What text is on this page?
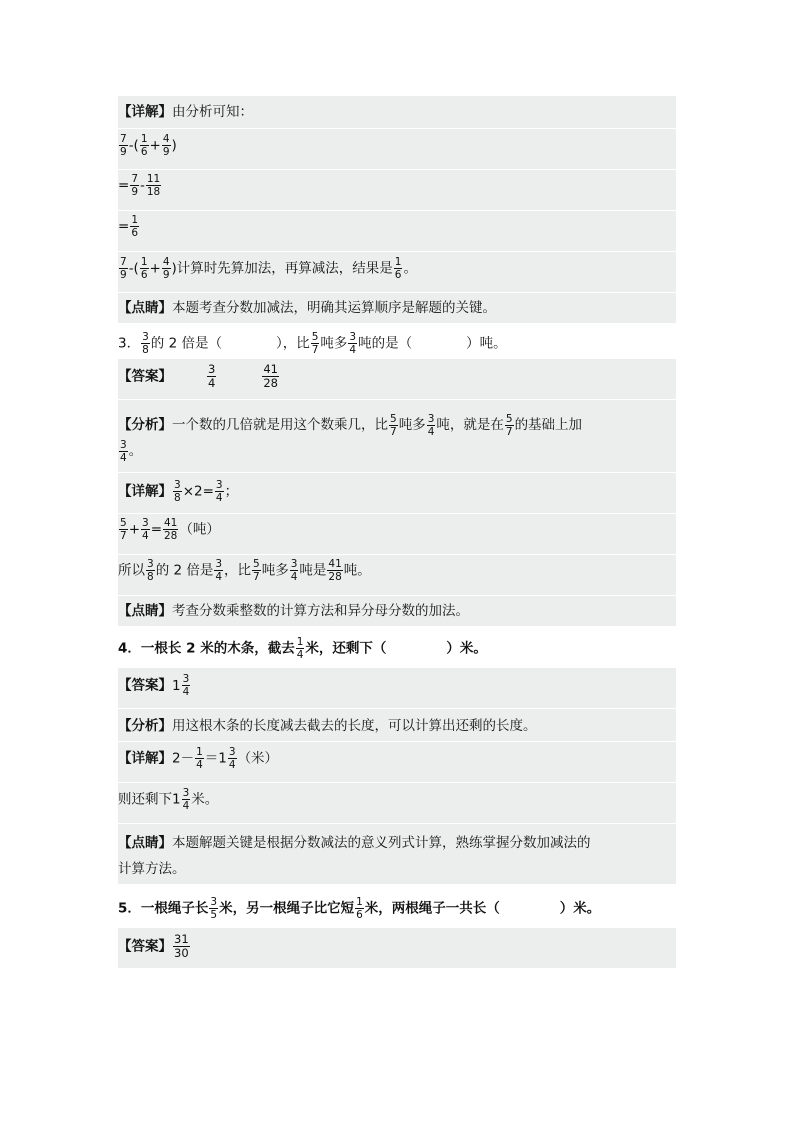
【详解】由分析可知：
$\frac{7}{9}$ -( $\frac{1}{6} + \frac{4}{9}$ )
= $\frac{7}{9} - \frac{11}{18}$
= $\frac{1}{6}$
$\frac{7}{9}$ -( $\frac{1}{6} + \frac{4}{9}$ )计算时先算加法，再算减法，结果是 $\frac{1}{6}$ 。
【点睛】本题考查分数加减法，明确其运算顺序是解题的关键。
3． $\frac{3}{8}$ 的 2 倍是（	），比 $\frac{5}{7}$ 吨多 $\frac{3}{4}$ 吨的是（	）吨。
【答案】	$\frac{3}{4}$	$\frac{41}{28}$
【分析】一个数的几倍就是用这个数乘几，比 $\frac{5}{7}$ 吨多 $\frac{3}{4}$ 吨，就是在 $\frac{5}{7}$ 的基础上加

$\frac{3}{4}$ 。
【详解】 $\frac{3}{8} \times 2= \frac{3}{4}$ ；
$\frac{5}{7} + \frac{3}{4} = \frac{41}{28}$ （吨）
所以 $\frac{3}{8}$ 的 2 倍是 $\frac{3}{4}$ ，比 $\frac{5}{7}$ 吨多 $\frac{3}{4}$ 吨是 $\frac{41}{28}$ 吨。
【点睛】考查分数乘整数的计算方法和异分母分数的加法。
4．一根长 2 米的木条，截去 $\frac{1}{4}$ 米，还剩下（	）米。
【答案】 $1 \frac{3}{4}$
【分析】用这根木条的长度减去截去的长度，可以计算出还剩的长度。
【详解】$2- \frac{1}{4} =1 \frac{3}{4}$ （米）
则还剩下$1 \frac{3}{4}$ 米。
【点睛】本题解题关键是根据分数减法的意义列式计算，熟练掌握分数加减法的
计算方法。
5．一根绳子长 $\frac{3}{5}$ 米，另一根绳子比它短 $\frac{1}{6}$ 米，两根绳子一共长（	）米。
【答案】 $\frac{31}{30}$
